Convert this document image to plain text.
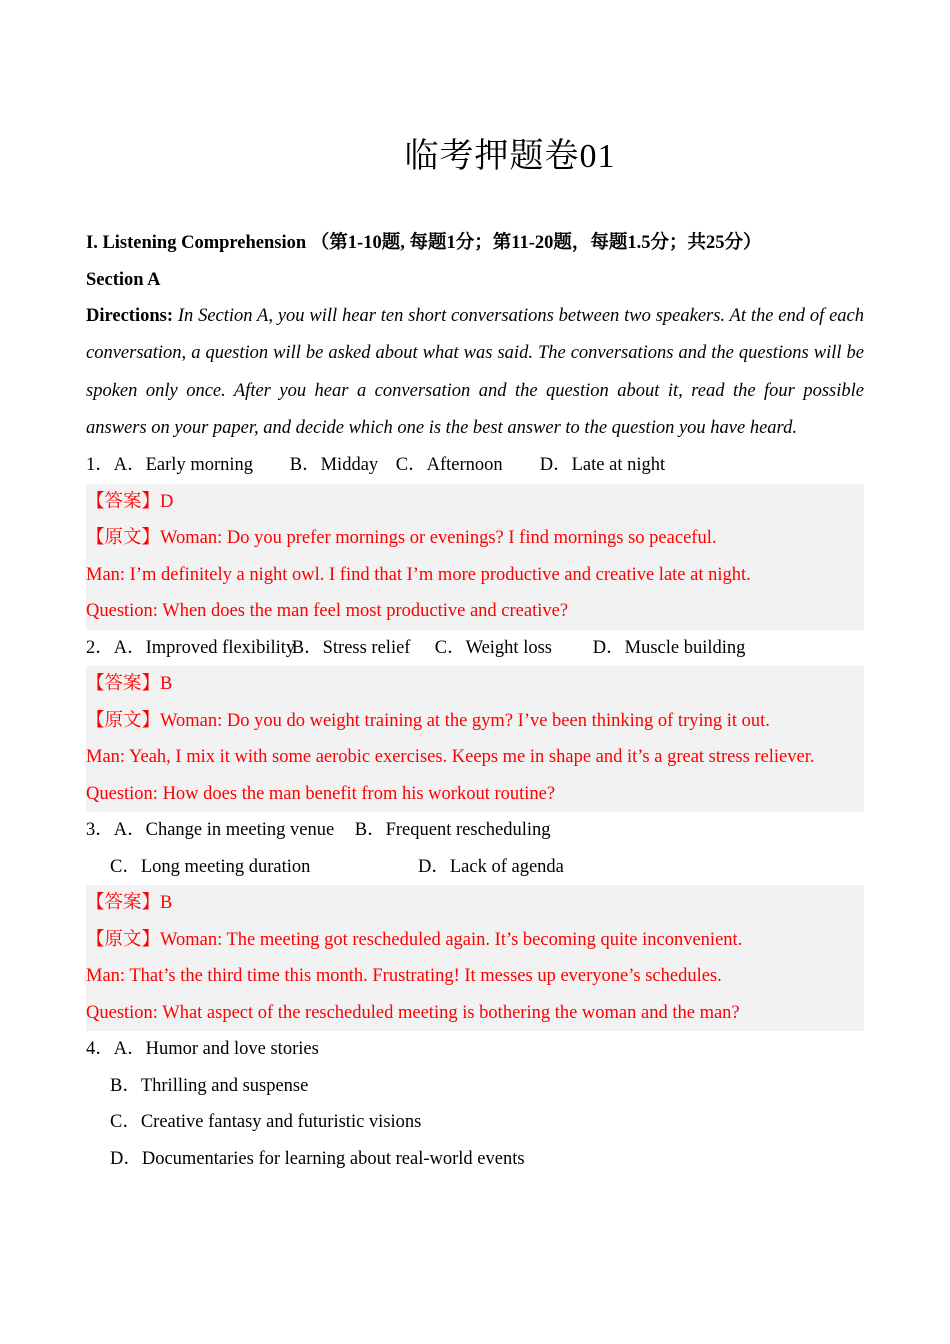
临考押题卷01
I. Listening Comprehension （第1-10题, 每题1分；第11-20题，每题1.5分；共25分）
Section A
Directions: In Section A, you will hear ten short conversations between two speakers. At the end of each conversation, a question will be asked about what was said. The conversations and the questions will be spoken only once. After you hear a conversation and the question about it, read the four possible answers on your paper, and decide which one is the best answer to the question you have heard.
1．A．Early morning B．Midday C．Afternoon D．Late at night
【答案】D
【原文】Woman: Do you prefer mornings or evenings? I find mornings so peaceful.
Man: I’m definitely a night owl. I find that I’m more productive and creative late at night.
Question: When does the man feel most productive and creative?
2．A．Improved flexibilityB．Stress relief C．Weight loss D．Muscle building
【答案】B
【原文】Woman: Do you do weight training at the gym? I’ve been thinking of trying it out.
Man: Yeah, I mix it with some aerobic exercises. Keeps me in shape and it’s a great stress reliever.
Question: How does the man benefit from his workout routine?
3．A．Change in meeting venue B．Frequent rescheduling
C．Long meeting duration	D．Lack of agenda
【答案】B
【原文】Woman: The meeting got rescheduled again. It’s becoming quite inconvenient.
Man: That’s the third time this month. Frustrating! It messes up everyone’s schedules.
Question: What aspect of the rescheduled meeting is bothering the woman and the man?
4．A．Humor and love stories
B．Thrilling and suspense
C．Creative fantasy and futuristic visions
D．Documentaries for learning about real-world events
